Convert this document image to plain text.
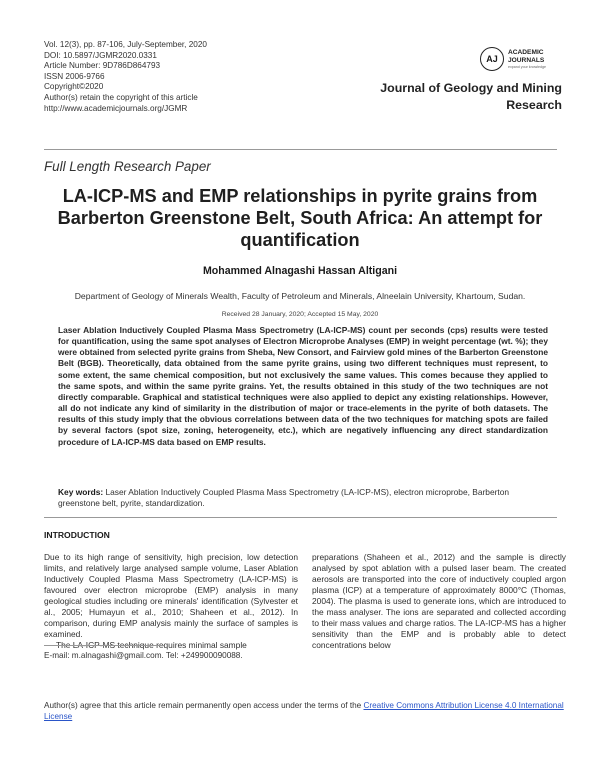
Vol. 12(3), pp. 87-106, July-September, 2020
DOI: 10.5897/JGMR2020.0331
Article Number: 9D786D864793
ISSN 2006-9766
Copyright©2020
Author(s) retain the copyright of this article
http://www.academicjournals.org/JGMR
AJ
ACADEMIC
JOURNALS
expand your knowledge
Journal of Geology and Mining Research
Full Length Research Paper
LA-ICP-MS and EMP relationships in pyrite grains from Barberton Greenstone Belt, South Africa: An attempt for quantification
Mohammed Alnagashi Hassan Altigani
Department of Geology of Minerals Wealth, Faculty of Petroleum and Minerals, Alneelain University, Khartoum, Sudan.
Received 28 January, 2020; Accepted 15 May, 2020
Laser Ablation Inductively Coupled Plasma Mass Spectrometry (LA-ICP-MS) count per seconds (cps) results were tested for quantification, using the same spot analyses of Electron Microprobe Analyses (EMP) in weight percentage (wt. %); they were obtained from selected pyrite grains from Sheba, New Consort, and Fairview gold mines of the Barberton Greenstone Belt (BGB). Theoretically, data obtained from the same pyrite grains, using two different techniques must represent, to some extent, the same chemical composition, but not exclusively the same values. This comes because they applied to the same spots, and within the same pyrite grains. Yet, the results obtained in this study of the two techniques are not directly comparable. Graphical and statistical techniques were also applied to depict any existing relationships. However, all do not indicate any kind of similarity in the distribution of major or trace-elements in the pyrite of both datasets. The results of this study imply that the obvious correlations between data of the two techniques for matching spots are failed by several factors (spot size, zoning, heterogeneity, etc.), which are negatively influencing any direct standardization procedure of LA-ICP-MS data based on EMP results.
Key words: Laser Ablation Inductively Coupled Plasma Mass Spectrometry (LA-ICP-MS), electron microprobe, Barberton greenstone belt, pyrite, standardization.
INTRODUCTION
Due to its high range of sensitivity, high precision, low detection limits, and relatively large analysed sample volume, Laser Ablation Inductively Coupled Plasma Mass Spectrometry (LA-ICP-MS) is favoured over electron microprobe (EMP) analysis in many geological studies including ore minerals' identification (Sylvester et al., 2005; Humayun et al., 2010; Shaheen et al., 2012). In comparison, during EMP analysis mainly the surface of samples is examined.
The LA-ICP-MS technique requires minimal sample
preparations (Shaheen et al., 2012) and the sample is directly analysed by spot ablation with a pulsed laser beam. The created aerosols are transported into the core of inductively coupled argon plasma (ICP) at a temperature of approximately 8000°C (Thomas, 2004). The plasma is used to generate ions, which are introduced to the mass analyser. The ions are separated and collected according to their mass values and charge ratios. The LA-ICP-MS has a higher sensitivity than the EMP and is probably able to detect concentrations below
E-mail: m.alnagashi@gmail.com. Tel: +249900090088.
Author(s) agree that this article remain permanently open access under the terms of the Creative Commons Attribution License 4.0 International License
